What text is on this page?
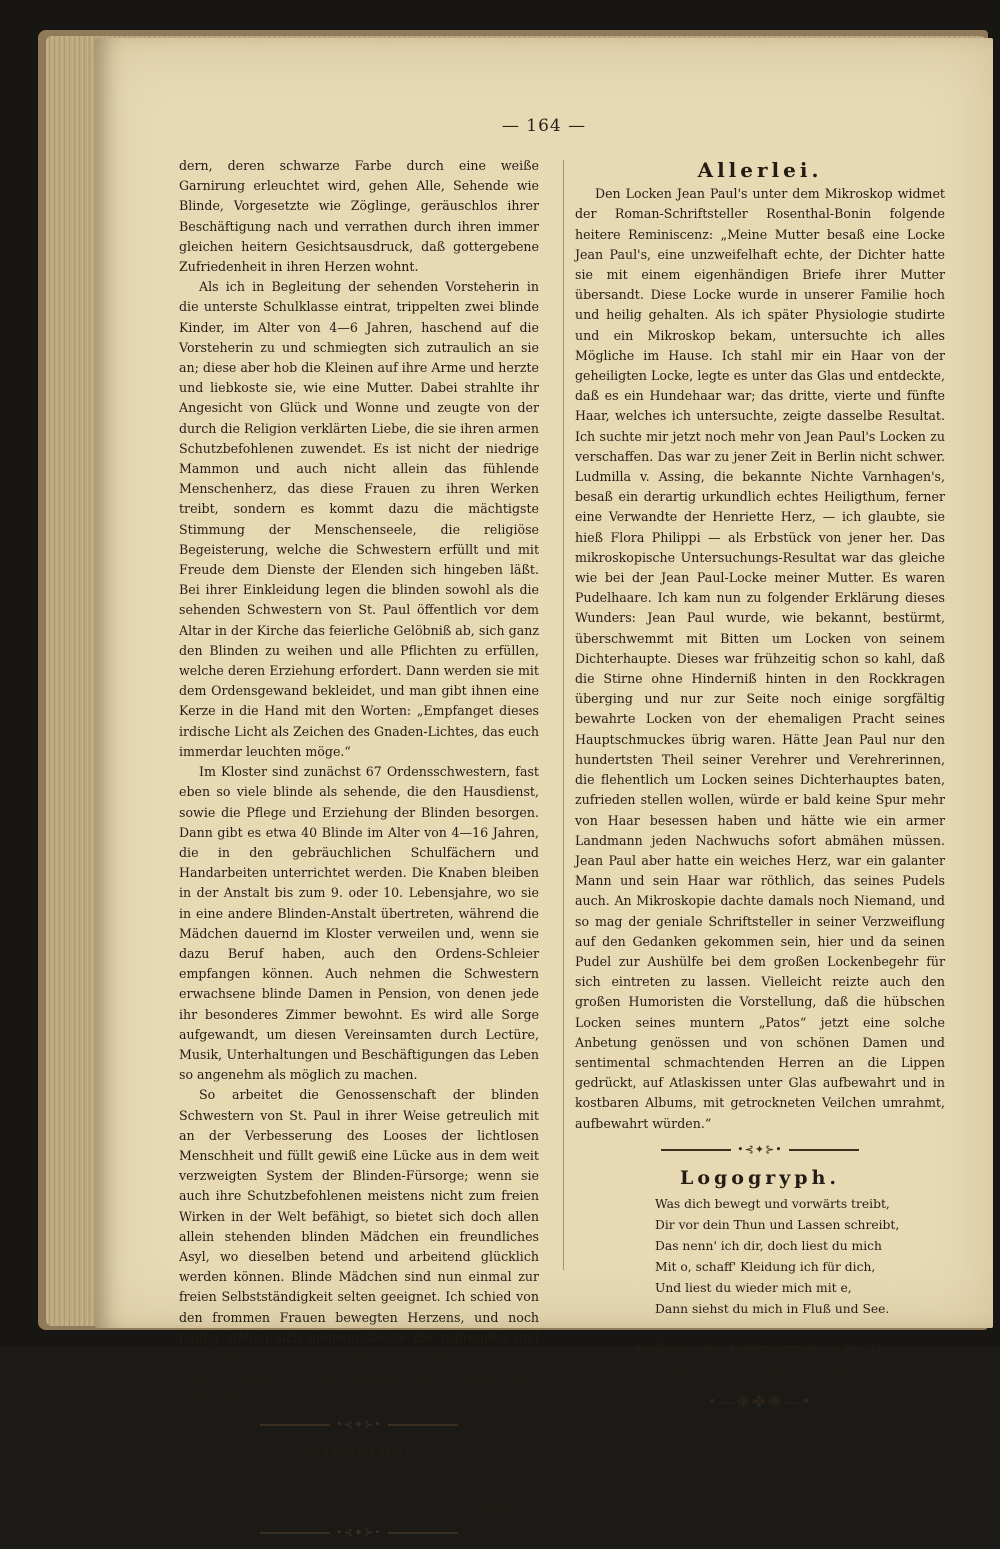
— 164 —

dern, deren schwarze Farbe durch eine weiße Garnirung erleuchtet wird, gehen Alle, Sehende wie Blinde, Vorgesetzte wie Zöglinge, geräuschlos ihrer Beschäftigung nach und verrathen durch ihren immer gleichen heitern Gesichtsausdruck, daß gottergebene Zufriedenheit in ihren Herzen wohnt.

Als ich in Begleitung der sehenden Vorsteherin in die unterste Schulklasse eintrat, trippelten zwei blinde Kinder, im Alter von 4—6 Jahren, haschend auf die Vorsteherin zu und schmiegten sich zutraulich an sie an; diese aber hob die Kleinen auf ihre Arme und herzte und liebkoste sie, wie eine Mutter. Dabei strahlte ihr Angesicht von Glück und Wonne und zeugte von der durch die Religion verklärten Liebe, die sie ihren armen Schutzbefohlenen zuwendet. Es ist nicht der niedrige Mammon und auch nicht allein das fühlende Menschenherz, das diese Frauen zu ihren Werken treibt, sondern es kommt dazu die mächtigste Stimmung der Menschenseele, die religiöse Begeisterung, welche die Schwestern erfüllt und mit Freude dem Dienste der Elenden sich hingeben läßt. Bei ihrer Einkleidung legen die blinden sowohl als die sehenden Schwestern von St. Paul öffentlich vor dem Altar in der Kirche das feierliche Gelöbniß ab, sich ganz den Blinden zu weihen und alle Pflichten zu erfüllen, welche deren Erziehung erfordert. Dann werden sie mit dem Ordensgewand bekleidet, und man gibt ihnen eine Kerze in die Hand mit den Worten: „Empfanget dieses irdische Licht als Zeichen des Gnaden-Lichtes, das euch immerdar leuchten möge.“

Im Kloster sind zunächst 67 Ordensschwestern, fast eben so viele blinde als sehende, die den Hausdienst, sowie die Pflege und Erziehung der Blinden besorgen. Dann gibt es etwa 40 Blinde im Alter von 4—16 Jahren, die in den gebräuchlichen Schulfächern und Handarbeiten unterrichtet werden. Die Knaben bleiben in der Anstalt bis zum 9. oder 10. Lebensjahre, wo sie in eine andere Blinden-Anstalt übertreten, während die Mädchen dauernd im Kloster verweilen und, wenn sie dazu Beruf haben, auch den Ordens-Schleier empfangen können. Auch nehmen die Schwestern erwachsene blinde Damen in Pension, von denen jede ihr besonderes Zimmer bewohnt. Es wird alle Sorge aufgewandt, um diesen Vereinsamten durch Lectüre, Musik, Unterhaltungen und Beschäftigungen das Leben so angenehm als möglich zu machen.

So arbeitet die Genossenschaft der blinden Schwestern von St. Paul in ihrer Weise getreulich mit an der Verbesserung des Looses der lichtlosen Menschheit und füllt gewiß eine Lücke aus in dem weit verzweigten System der Blinden-Fürsorge; wenn sie auch ihre Schutzbefohlenen meistens nicht zum freien Wirken in der Welt befähigt, so bietet sich doch allen allein stehenden blinden Mädchen ein freundliches Asyl, wo dieselben betend und arbeitend glücklich werden können. Blinde Mädchen sind nun einmal zur freien Selbstständigkeit selten geeignet. Ich schied von den frommen Frauen bewegten Herzens, und noch häufig stellen sich meinem Geiste die rührenden und erbauenden Scenen und Bilder vor, die ich in jenem stillen, idyllischen Heim inmitten der geräuschvollen Weltstadt sah.

•⊰✦⊱•
Goldkörner.

Zwar ist Vollkommenheit ein Ziel, das stets entweicht,

Doch soll es auch erstrebt nur werden, nicht erreicht.

Rückert.
•⊰✦⊱•
Allerlei.

Den Locken Jean Paul's unter dem Mikroskop widmet der Roman-Schriftsteller Rosenthal-Bonin folgende heitere Reminiscenz: „Meine Mutter besaß eine Locke Jean Paul's, eine unzweifelhaft echte, der Dichter hatte sie mit einem eigenhändigen Briefe ihrer Mutter übersandt. Diese Locke wurde in unserer Familie hoch und heilig gehalten. Als ich später Physiologie studirte und ein Mikroskop bekam, untersuchte ich alles Mögliche im Hause. Ich stahl mir ein Haar von der geheiligten Locke, legte es unter das Glas und entdeckte, daß es ein Hundehaar war; das dritte, vierte und fünfte Haar, welches ich untersuchte, zeigte dasselbe Resultat. Ich suchte mir jetzt noch mehr von Jean Paul's Locken zu verschaffen. Das war zu jener Zeit in Berlin nicht schwer. Ludmilla v. Assing, die bekannte Nichte Varnhagen's, besaß ein derartig urkundlich echtes Heiligthum, ferner eine Verwandte der Henriette Herz, — ich glaubte, sie hieß Flora Philippi — als Erbstück von jener her. Das mikroskopische Untersuchungs-Resultat war das gleiche wie bei der Jean Paul-Locke meiner Mutter. Es waren Pudelhaare. Ich kam nun zu folgender Erklärung dieses Wunders: Jean Paul wurde, wie bekannt, bestürmt, überschwemmt mit Bitten um Locken von seinem Dichterhaupte. Dieses war frühzeitig schon so kahl, daß die Stirne ohne Hinderniß hinten in den Rockkragen überging und nur zur Seite noch einige sorgfältig bewahrte Locken von der ehemaligen Pracht seines Hauptschmuckes übrig waren. Hätte Jean Paul nur den hundertsten Theil seiner Verehrer und Verehrerinnen, die flehentlich um Locken seines Dichterhauptes baten, zufrieden stellen wollen, würde er bald keine Spur mehr von Haar besessen haben und hätte wie ein armer Landmann jeden Nachwuchs sofort abmähen müssen. Jean Paul aber hatte ein weiches Herz, war ein galanter Mann und sein Haar war röthlich, das seines Pudels auch. An Mikroskopie dachte damals noch Niemand, und so mag der geniale Schriftsteller in seiner Verzweiflung auf den Gedanken gekommen sein, hier und da seinen Pudel zur Aushülfe bei dem großen Lockenbegehr für sich eintreten zu lassen. Vielleicht reizte auch den großen Humoristen die Vorstellung, daß die hübschen Locken seines muntern „Patos“ jetzt eine solche Anbetung genössen und von schönen Damen und sentimental schmachtenden Herren an die Lippen gedrückt, auf Atlaskissen unter Glas aufbewahrt und in kostbaren Albums, mit getrockneten Veilchen umrahmt, aufbewahrt würden.“

•⊰✦⊱•
Logogryph.

Was dich bewegt und vorwärts treibt,

Dir vor dein Thun und Lassen schreibt,

Das nenn' ich dir, doch liest du mich

Mit o, schaff' Kleidung ich für dich,

Und liest du wieder mich mit e,

Dann siehst du mich in Fluß und See.

Auflösung des Arithmogryphs in Nr. 21:

Füchsie, Fuchs, Eis, Ei, Schuh.

•—❋✤❋—•
